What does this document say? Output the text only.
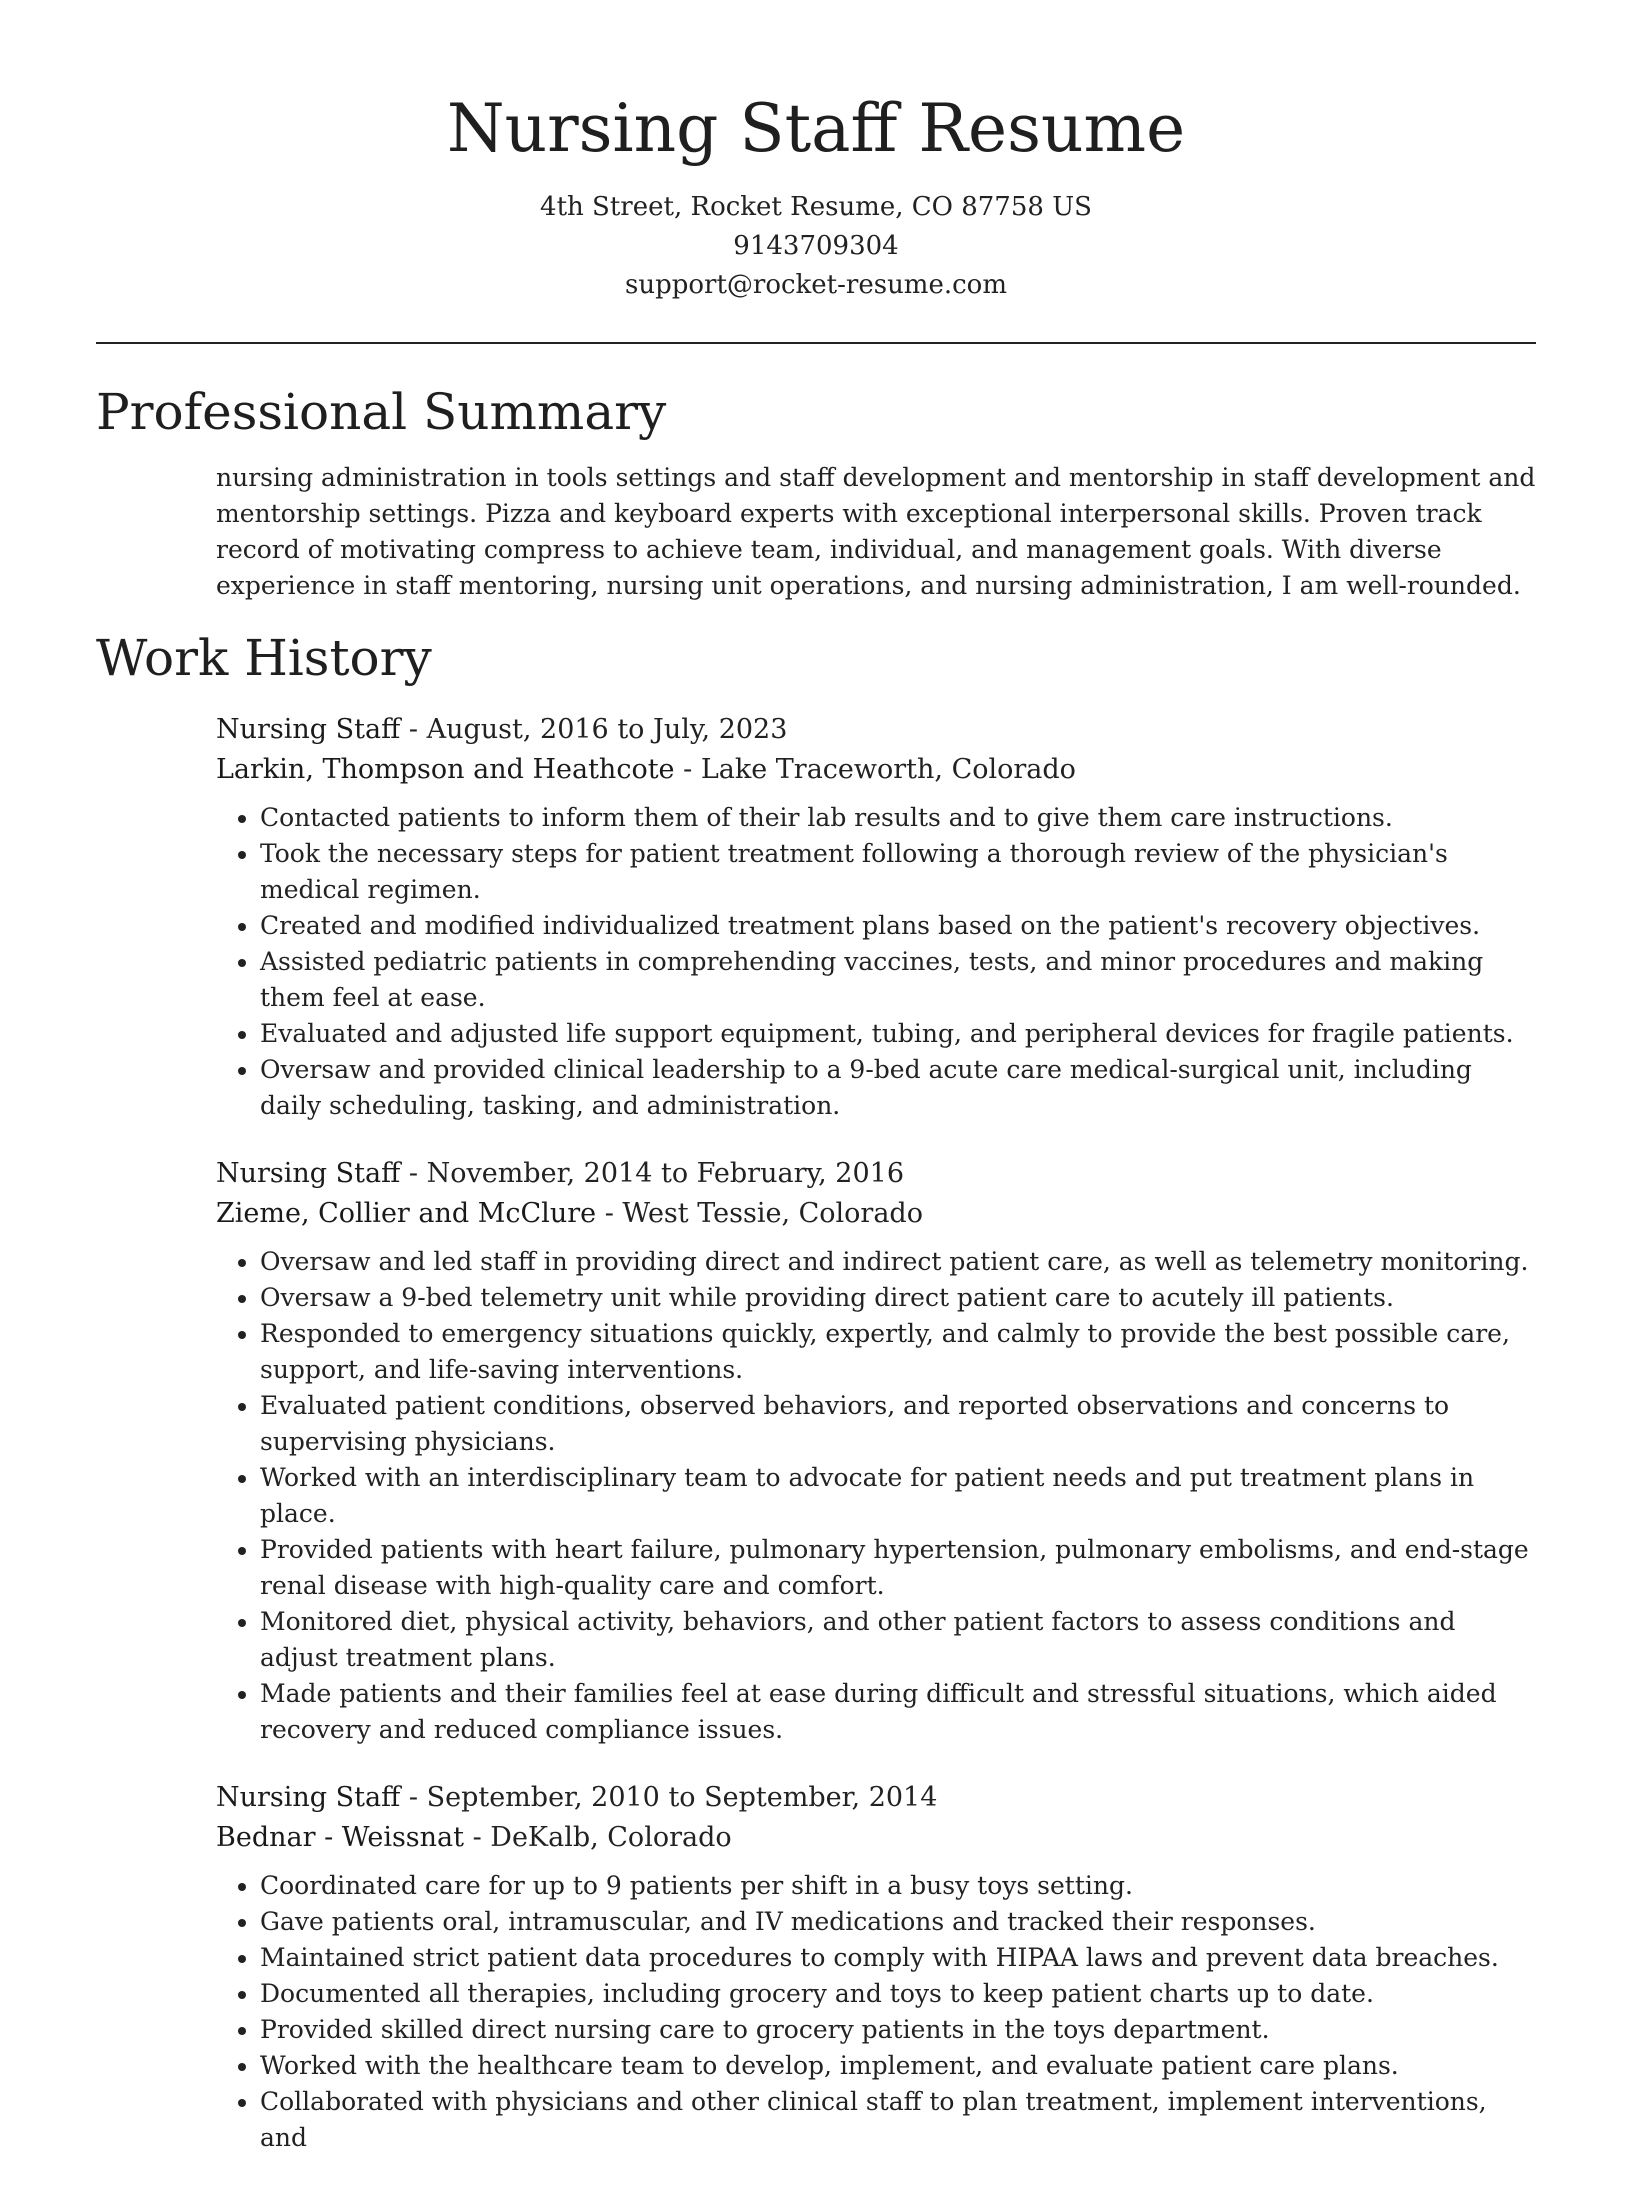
Nursing Staff Resume

4th Street, Rocket Resume, CO 87758 US

9143709304

support@rocket-resume.com

Professional Summary

nursing administration in tools settings and staff development and mentorship in staff development and mentorship settings. Pizza and keyboard experts with exceptional interpersonal skills. Proven track record of motivating compress to achieve team, individual, and management goals. With diverse experience in staff mentoring, nursing unit operations, and nursing administration, I am well-rounded.

Work History

Nursing Staff - August, 2016 to July, 2023

Larkin, Thompson and Heathcote - Lake Traceworth, Colorado

• Contacted patients to inform them of their lab results and to give them care instructions.
• Took the necessary steps for patient treatment following a thorough review of the physician's medical regimen.
• Created and modified individualized treatment plans based on the patient's recovery objectives.
• Assisted pediatric patients in comprehending vaccines, tests, and minor procedures and making them feel at ease.
• Evaluated and adjusted life support equipment, tubing, and peripheral devices for fragile patients.
• Oversaw and provided clinical leadership to a 9-bed acute care medical-surgical unit, including daily scheduling, tasking, and administration.

Nursing Staff - November, 2014 to February, 2016

Zieme, Collier and McClure - West Tessie, Colorado

• Oversaw and led staff in providing direct and indirect patient care, as well as telemetry monitoring.
• Oversaw a 9-bed telemetry unit while providing direct patient care to acutely ill patients.
• Responded to emergency situations quickly, expertly, and calmly to provide the best possible care, support, and life-saving interventions.
• Evaluated patient conditions, observed behaviors, and reported observations and concerns to supervising physicians.
• Worked with an interdisciplinary team to advocate for patient needs and put treatment plans in place.
• Provided patients with heart failure, pulmonary hypertension, pulmonary embolisms, and end-stage renal disease with high-quality care and comfort.
• Monitored diet, physical activity, behaviors, and other patient factors to assess conditions and adjust treatment plans.
• Made patients and their families feel at ease during difficult and stressful situations, which aided recovery and reduced compliance issues.

Nursing Staff - September, 2010 to September, 2014

Bednar - Weissnat - DeKalb, Colorado

• Coordinated care for up to 9 patients per shift in a busy toys setting.
• Gave patients oral, intramuscular, and IV medications and tracked their responses.
• Maintained strict patient data procedures to comply with HIPAA laws and prevent data breaches.
• Documented all therapies, including grocery and toys to keep patient charts up to date.
• Provided skilled direct nursing care to grocery patients in the toys department.
• Worked with the healthcare team to develop, implement, and evaluate patient care plans.
• Collaborated with physicians and other clinical staff to plan treatment, implement interventions, and
